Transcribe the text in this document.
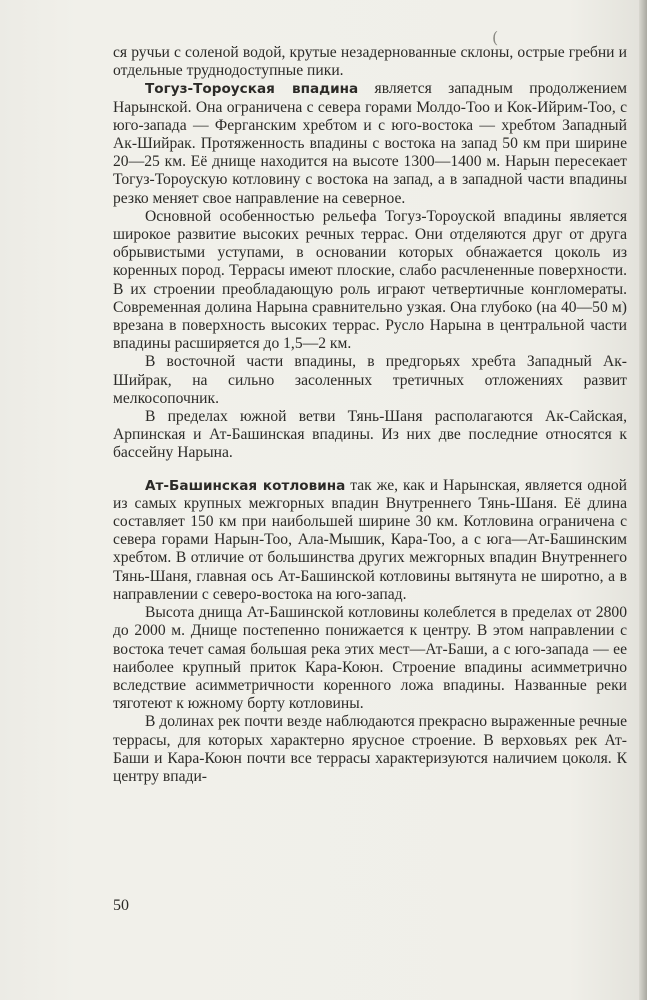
(

ся ручьи с соленой водой, крутые незадернованные склоны, острые гребни и отдельные труднодоступные пики.

Тогуз-Тороуская впадина является западным продолжением Нарынской. Она ограничена с севера горами Молдо-Тоо и Кок-Ийрим-Тоо, с юго-запада — Ферганским хребтом и с юго-востока — хребтом Западный Ак-Шийрак. Протяженность впадины с востока на запад 50 км при ширине 20—25 км. Её днище находится на высоте 1300—1400 м. Нарын пересекает Тогуз-Тороускую котловину с востока на запад, а в западной части впадины резко меняет свое направление на северное.

Основной особенностью рельефа Тогуз-Тороуской впадины является широкое развитие высоких речных террас. Они отделяются друг от друга обрывистыми уступами, в основании которых обнажается цоколь из коренных пород. Террасы имеют плоские, слабо расчлененные поверхности. В их строении преобладающую роль играют четвертичные конгломераты. Современная долина Нарына сравнительно узкая. Она глубоко (на 40—50 м) врезана в поверхность высоких террас. Русло Нарына в центральной части впадины расширяется до 1,5—2 км.

В восточной части впадины, в предгорьях хребта Западный Ак-Шийрак, на сильно засоленных третичных отложениях развит мелкосопочник.

В пределах южной ветви Тянь-Шаня располагаются Ак-Сайская, Арпинская и Ат-Башинская впадины. Из них две последние относятся к бассейну Нарына.

Ат-Башинская котловина так же, как и Нарынская, является одной из самых крупных межгорных впадин Внутреннего Тянь-Шаня. Её длина составляет 150 км при наибольшей ширине 30 км. Котловина ограничена с севера горами Нарын-Тоо, Ала-Мышик, Кара-Тоо, а с юга—Ат-Башинским хребтом. В отличие от большинства других межгорных впадин Внутреннего Тянь-Шаня, главная ось Ат-Башинской котловины вытянута не широтно, а в направлении с северо-востока на юго-запад.

Высота днища Ат-Башинской котловины колеблется в пределах от 2800 до 2000 м. Днище постепенно понижается к центру. В этом направлении с востока течет самая большая река этих мест—Ат-Баши, а с юго-запада — ее наиболее крупный приток Кара-Коюн. Строение впадины асимметрично вследствие асимметричности коренного ложа впадины. Названные реки тяготеют к южному борту котловины.

В долинах рек почти везде наблюдаются прекрасно выраженные речные террасы, для которых характерно ярусное строение. В верховьях рек Ат-Баши и Кара-Коюн почти все террасы характеризуются наличием цоколя. К центру впади-

50
